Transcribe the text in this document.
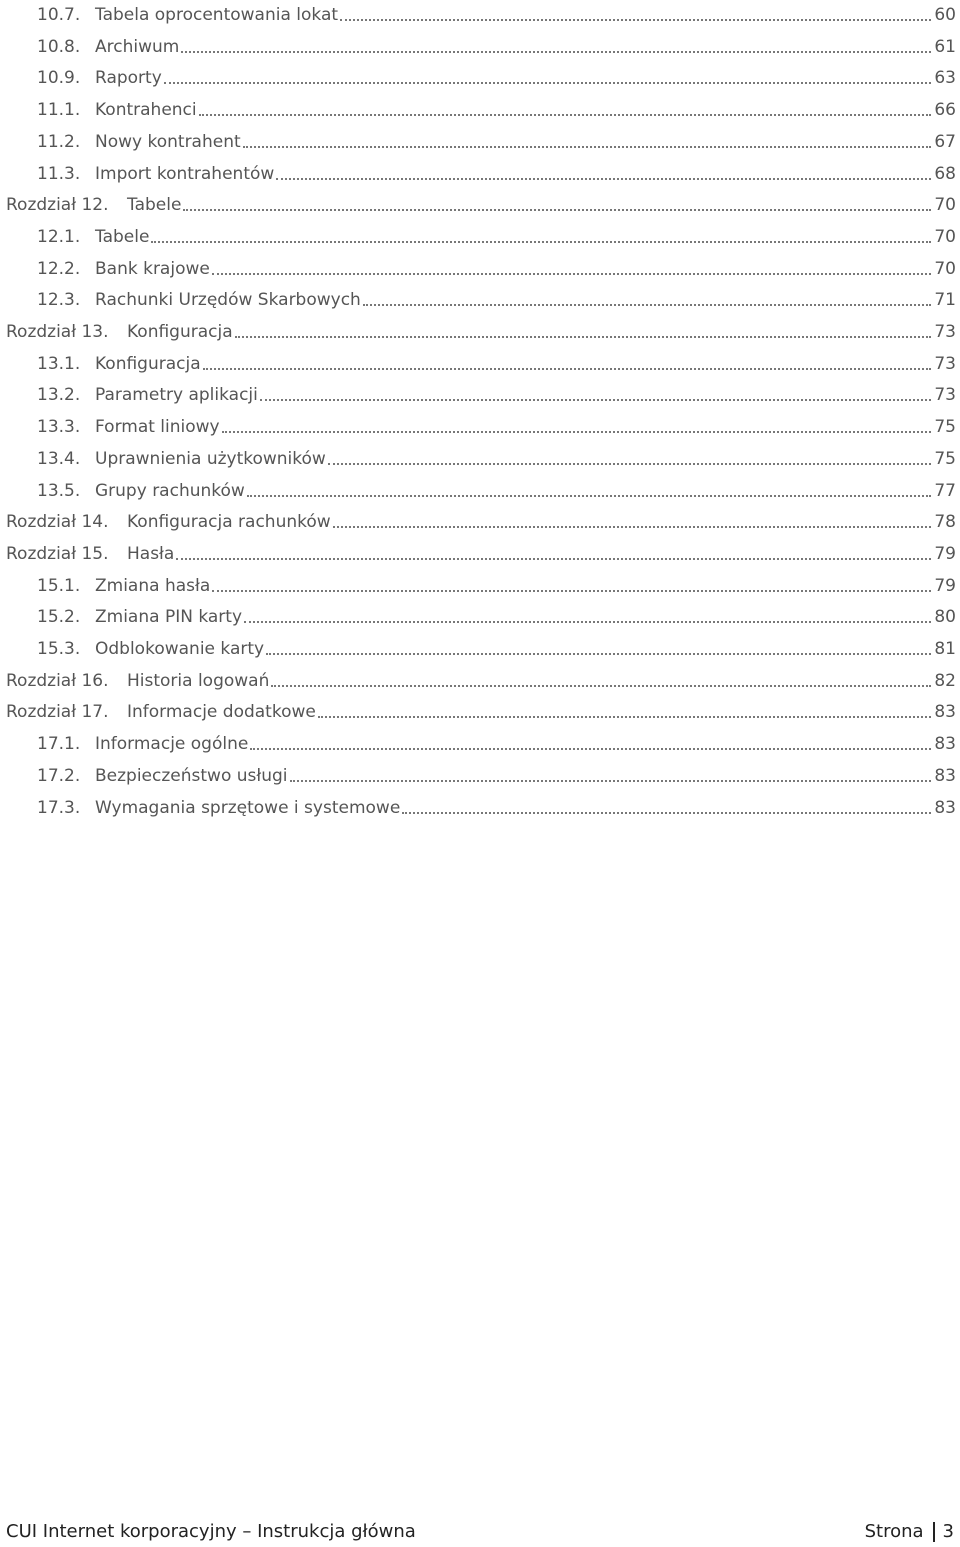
10.7. Tabela oprocentowania lokat	60
10.8. Archiwum	61
10.9. Raporty	63
11.1. Kontrahenci	66
11.2. Nowy kontrahent	67
11.3. Import kontrahentów	68
Rozdział 12.	Tabele	70
12.1. Tabele	70
12.2. Bank krajowe	70
12.3. Rachunki Urzędów Skarbowych	71
Rozdział 13.	Konfiguracja	73
13.1. Konfiguracja	73
13.2. Parametry aplikacji	73
13.3. Format liniowy	75
13.4. Uprawnienia użytkowników	75
13.5. Grupy rachunków	77
Rozdział 14.	Konfiguracja rachunków	78
Rozdział 15.	Hasła	79
15.1. Zmiana hasła	79
15.2. Zmiana PIN karty	80
15.3. Odblokowanie karty	81
Rozdział 16.	Historia logowań	82
Rozdział 17.	Informacje dodatkowe	83
17.1. Informacje ogólne	83
17.2. Bezpieczeństwo usługi	83
17.3. Wymagania sprzętowe i systemowe	83
CUI Internet korporacyjny – Instrukcja główna	Strona 3
